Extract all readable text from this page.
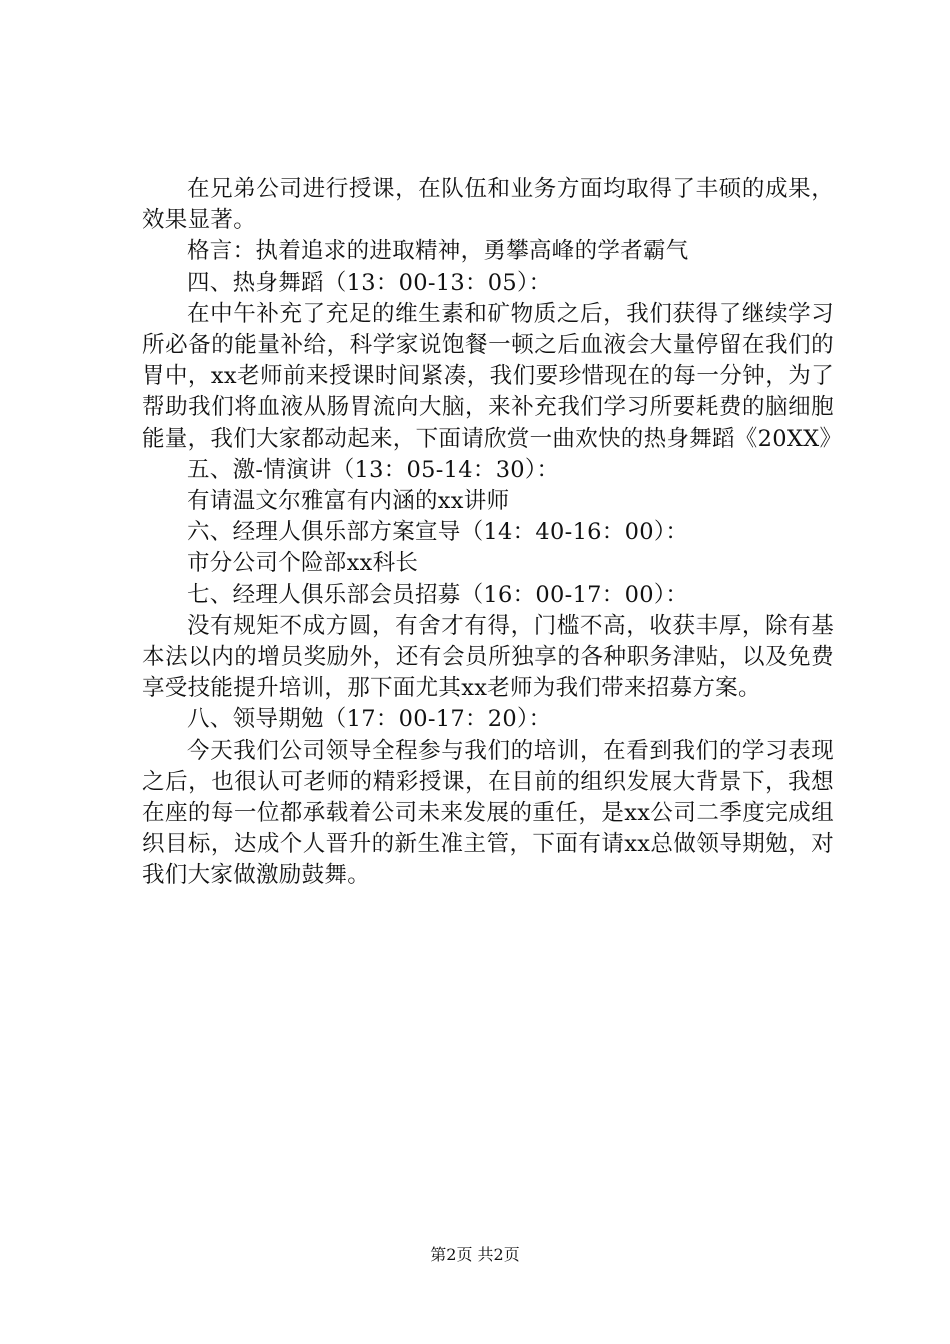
在兄弟公司进行授课，在队伍和业务方面均取得了丰硕的成果，效果显著。

格言：执着追求的进取精神，勇攀高峰的学者霸气

四、热身舞蹈（13：00-13：05）：

在中午补充了充足的维生素和矿物质之后，我们获得了继续学习所必备的能量补给，科学家说饱餐一顿之后血液会大量停留在我们的胃中，xx老师前来授课时间紧凑，我们要珍惜现在的每一分钟，为了帮助我们将血液从肠胃流向大脑，来补充我们学习所要耗费的脑细胞能量，我们大家都动起来，下面请欣赏一曲欢快的热身舞蹈《20XX》

五、激-情演讲（13：05-14：30）：

有请温文尔雅富有内涵的xx讲师

六、经理人俱乐部方案宣导（14：40-16：00）：

市分公司个险部xx科长

七、经理人俱乐部会员招募（16：00-17：00）：

没有规矩不成方圆，有舍才有得，门槛不高，收获丰厚，除有基本法以内的增员奖励外，还有会员所独享的各种职务津贴，以及免费享受技能提升培训，那下面尤其xx老师为我们带来招募方案。

八、领导期勉（17：00-17：20）：

今天我们公司领导全程参与我们的培训，在看到我们的学习表现之后，也很认可老师的精彩授课，在目前的组织发展大背景下，我想在座的每一位都承载着公司未来发展的重任，是xx公司二季度完成组织目标，达成个人晋升的新生准主管，下面有请xx总做领导期勉，对我们大家做激励鼓舞。

第2页 共2页
